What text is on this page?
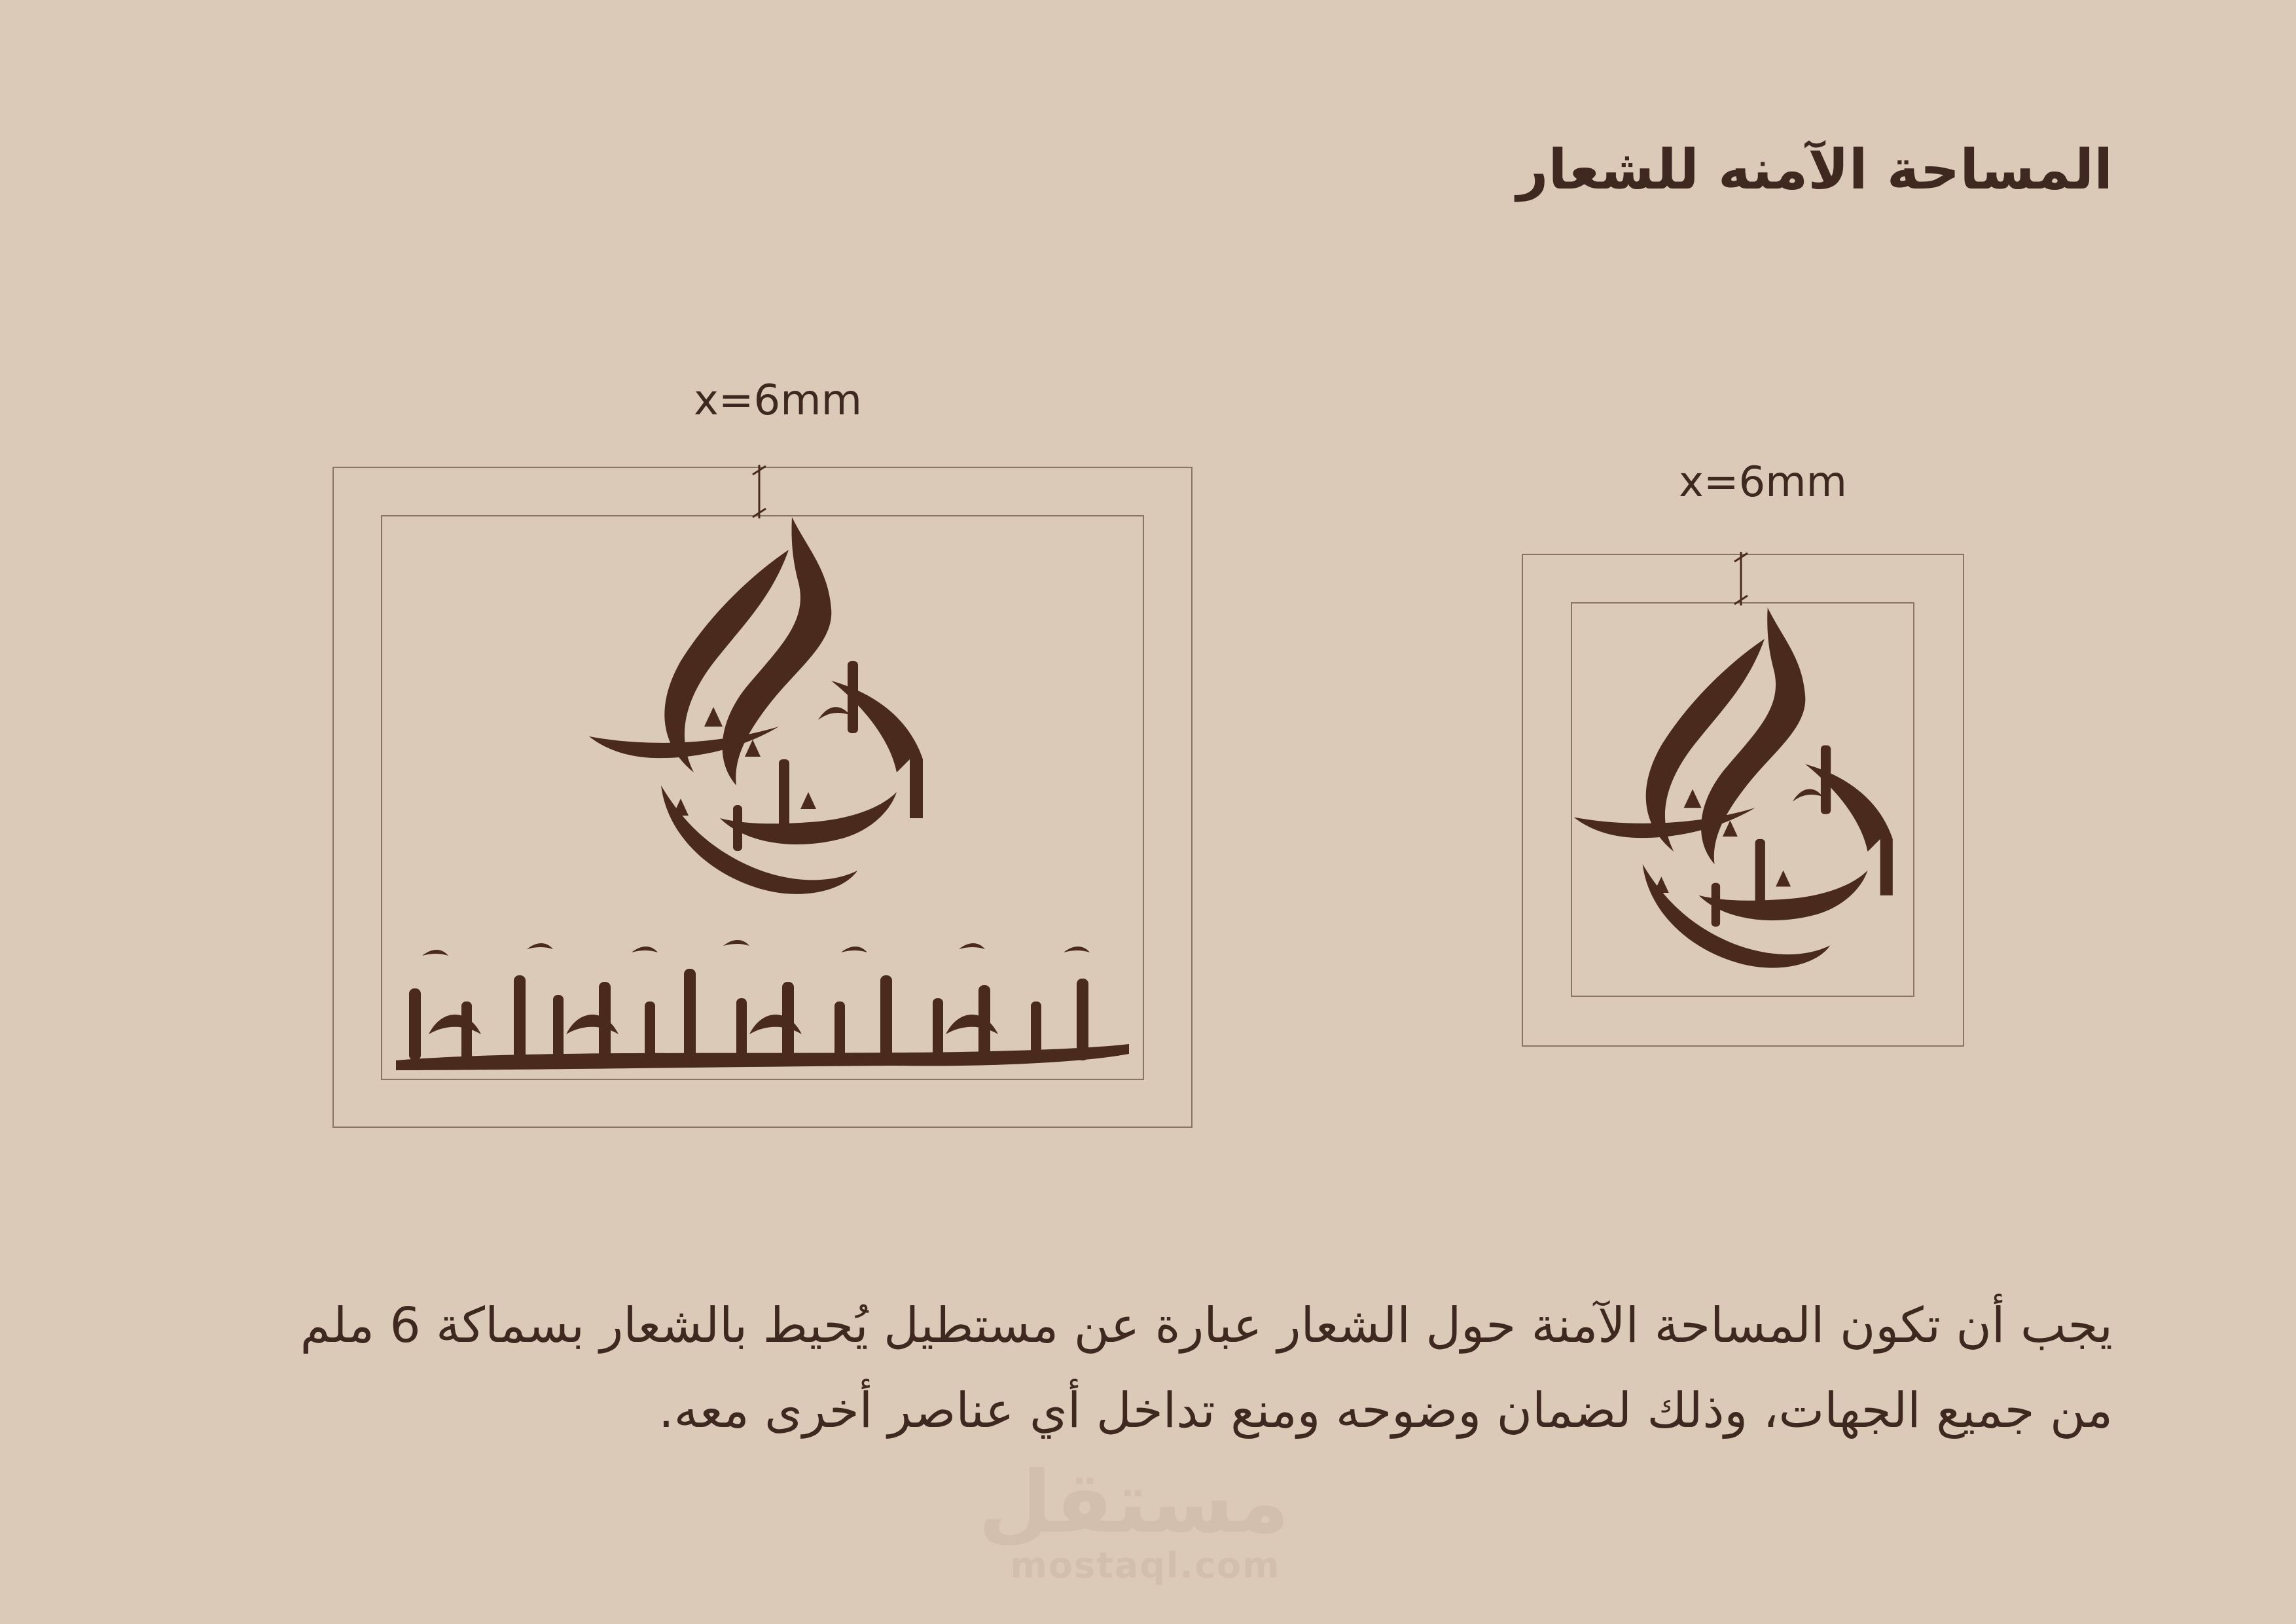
المساحة الآمنه للشعار
x=6mm
x=6mm
يجب أن تكون المساحة الآمنة حول الشعار عبارة عن مستطيل يُحيط بالشعار بسماكة 6 ملم
من جميع الجهات، وذلك لضمان وضوحه ومنع تداخل أي عناصر أخرى معه.
مستقل
mostaql.com
